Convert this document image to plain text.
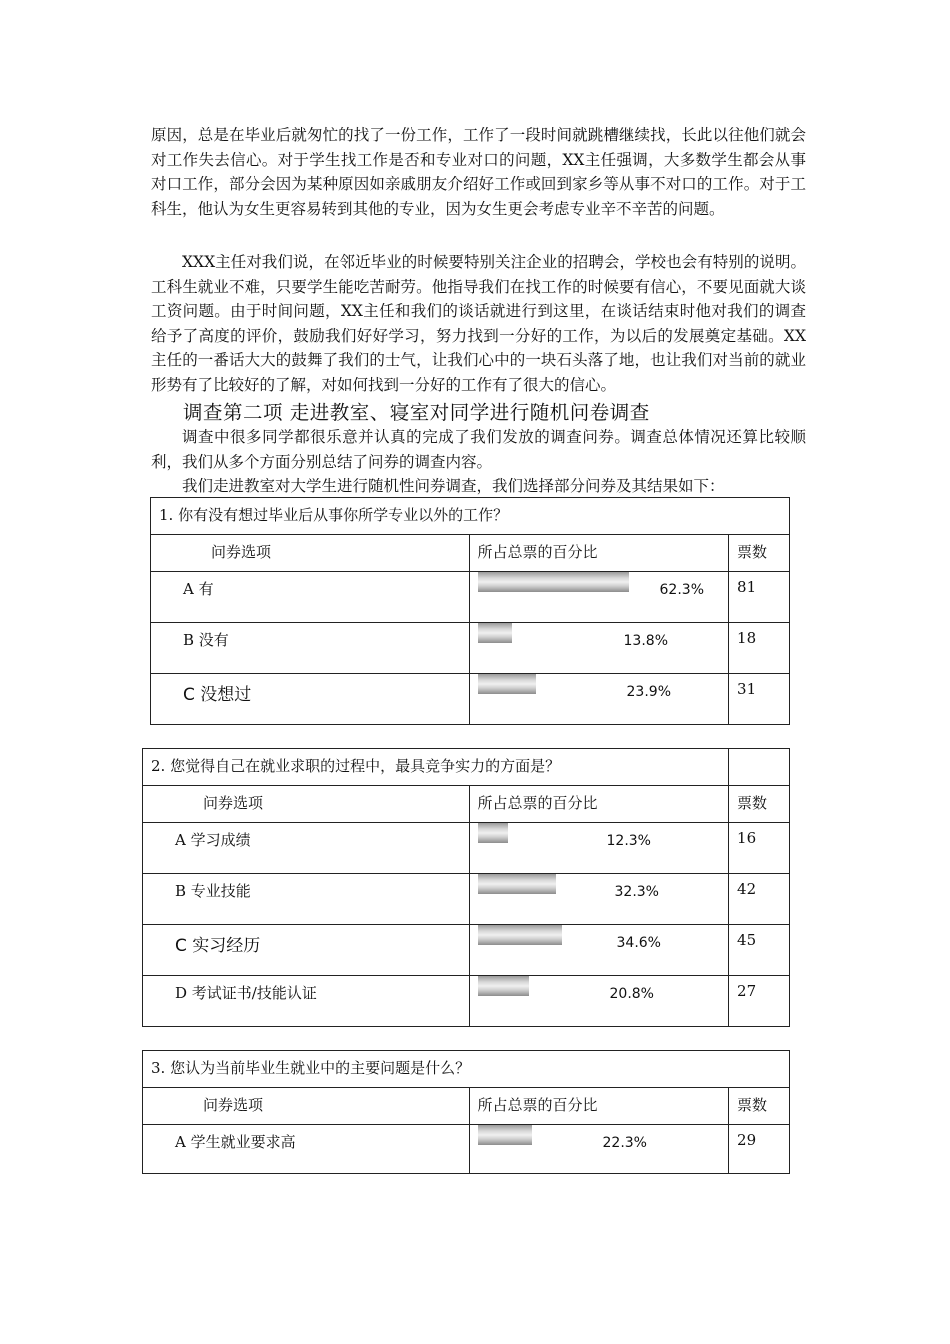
原因，总是在毕业后就匆忙的找了一份工作，工作了一段时间就跳槽继续找，长此以往他们就会对工作失去信心。对于学生找工作是否和专业对口的问题，XX主任强调，大多数学生都会从事对口工作，部分会因为某种原因如亲戚朋友介绍好工作或回到家乡等从事不对口的工作。对于工科生，他认为女生更容易转到其他的专业，因为女生更会考虑专业辛不辛苦的问题。

XXX主任对我们说，在邻近毕业的时候要特别关注企业的招聘会，学校也会有特别的说明。工科生就业不难，只要学生能吃苦耐劳。他指导我们在找工作的时候要有信心，不要见面就大谈工资问题。由于时间问题，XX主任和我们的谈话就进行到这里，在谈话结束时他对我们的调查给予了高度的评价，鼓励我们好好学习，努力找到一分好的工作，为以后的发展奠定基础。XX主任的一番话大大的鼓舞了我们的士气，让我们心中的一块石头落了地，也让我们对当前的就业形势有了比较好的了解，对如何找到一分好的工作有了很大的信心。

调查第二项 走进教室、寝室对同学进行随机问卷调查

调查中很多同学都很乐意并认真的完成了我们发放的调查问券。调查总体情况还算比较顺利，我们从多个方面分别总结了问券的调查内容。

我们走进教室对大学生进行随机性问券调查，我们选择部分问券及其结果如下：

1. 你有没有想过毕业后从事你所学专业以外的工作？		
问券选项	所占总票的百分比	票数
A 有	62.3%	81
B 没有	13.8%	18
C 没想过	23.9%	31
2. 您觉得自己在就业求职的过程中，最具竞争实力的方面是？		
问券选项	所占总票的百分比	票数
A 学习成绩	12.3%	16
B 专业技能	32.3%	42
C 实习经历	34.6%	45
D 考试证书/技能认证	20.8%	27
3. 您认为当前毕业生就业中的主要问题是什么？		
问券选项	所占总票的百分比	票数
A 学生就业要求高	22.3%	29
